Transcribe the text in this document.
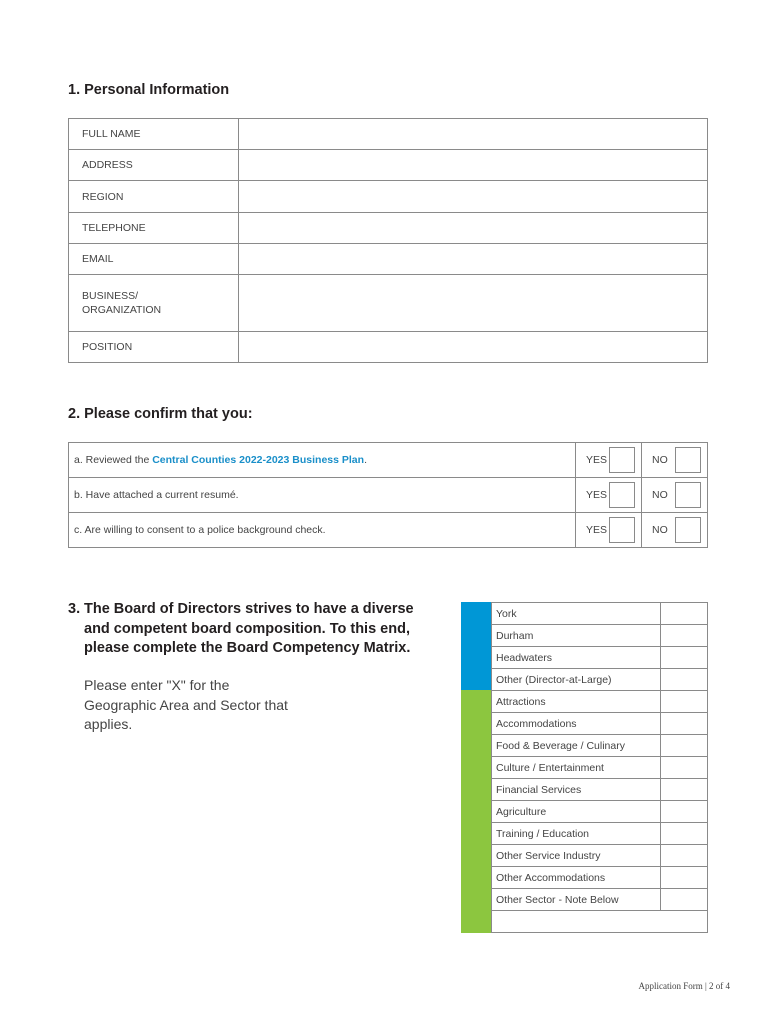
1. Personal Information
FULL NAME	
ADDRESS	
REGION	
TELEPHONE	
EMAIL	
BUSINESS/
ORGANIZATION	
POSITION	
2. Please confirm that you:
a. Reviewed the Central Counties 2022-2023 Business Plan.	YES	NO

b. Have attached a current resumé.	YES	NO

c. Are willing to consent to a police background check.	YES	NO
3. The Board of Directors strives to have a diverse
and competent board composition. To this end,
please complete the Board Competency Matrix.
Please enter "X" for the Geographic Area and Sector that applies.
York	
Durham	
Headwaters	
Other (Director-at-Large)	
Attractions	
Accommodations	
Food & Beverage / Culinary	
Culture / Entertainment	
Financial Services	
Agriculture	
Training / Education	
Other Service Industry	
Other Accommodations	
Other Sector - Note Below	

Application Form | 2 of 4
